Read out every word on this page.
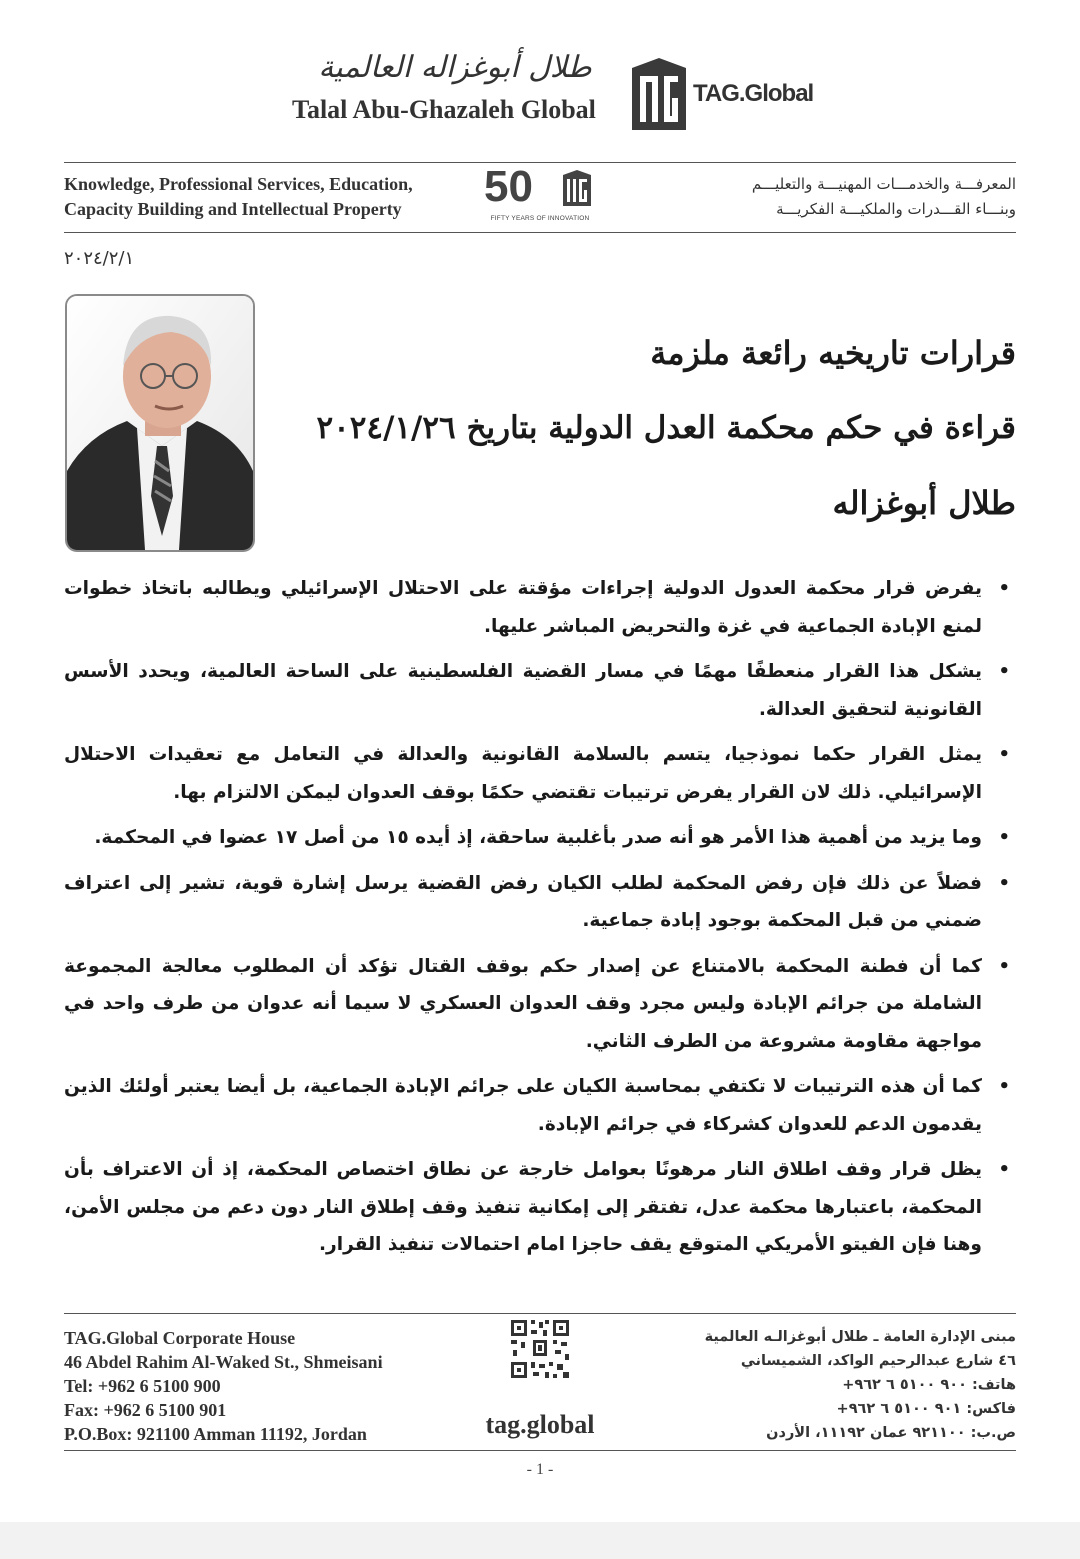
طلال أبوغزاله العالمية
Talal Abu-Ghazaleh Global
TAG.Global
Knowledge, Professional Services, Education,
Capacity Building and Intellectual Property	50
FIFTY YEARS OF INNOVATION
المعرفـــة والخدمـــات المهنيـــة والتعليـــم
وبنـــاء القـــدرات والملكيـــة الفكريـــة
٢٠٢٤/٢/١
قرارات تاريخيه رائعة ملزمة
قراءة في حكم محكمة العدل الدولية بتاريخ ٢٠٢٤/١/٢٦
طلال أبوغزاله
•
يفرض قرار محكمة العدول الدولية إجراءات مؤقتة على الاحتلال الإسرائيلي ويطالبه باتخاذ خطوات لمنع الإبادة الجماعية في غزة والتحريض المباشر عليها.
•
يشكل هذا القرار منعطفًا مهمًا في مسار القضية الفلسطينية على الساحة العالمية، ويحدد الأسس القانونية لتحقيق العدالة.
•
يمثل القرار حكما نموذجيا، يتسم بالسلامة القانونية والعدالة في التعامل مع تعقيدات الاحتلال الإسرائيلي. ذلك لان القرار يفرض ترتيبات تقتضي حكمًا بوقف العدوان ليمكن الالتزام بها.
•
وما يزيد من أهمية هذا الأمر هو أنه صدر بأغلبية ساحقة، إذ أيده ١٥ من أصل ١٧ عضوا في المحكمة.
•
فضلاً عن ذلك فإن رفض المحكمة لطلب الكيان رفض القضية يرسل إشارة قوية، تشير إلى اعتراف ضمني من قبل المحكمة بوجود إبادة جماعية.
•
كما أن فطنة المحكمة بالامتناع عن إصدار حكم بوقف القتال تؤكد أن المطلوب معالجة المجموعة الشاملة من جرائم الإبادة وليس مجرد وقف العدوان العسكري لا سيما أنه عدوان من طرف واحد في مواجهة مقاومة مشروعة من الطرف الثاني.
•
كما أن هذه الترتيبات لا تكتفي بمحاسبة الكيان على جرائم الإبادة الجماعية، بل أيضا يعتبر أولئك الذين يقدمون الدعم للعدوان كشركاء في جرائم الإبادة.
•
يظل قرار وقف اطلاق النار مرهونًا بعوامل خارجة عن نطاق اختصاص المحكمة، إذ أن الاعتراف بأن المحكمة، باعتبارها محكمة عدل، تفتقر إلى إمكانية تنفيذ وقف إطلاق النار دون دعم من مجلس الأمن، وهنا فإن الفيتو الأمريكي المتوقع يقف حاجزا امام احتمالات تنفيذ القرار.
TAG.Global Corporate House
46 Abdel Rahim Al-Waked St., Shmeisani
Tel: +962 6 5100 900
Fax: +962 6 5100 901
P.O.Box: 921100 Amman 11192, Jordan	tag.global
مبنى الإدارة العامة ـ طلال أبوغزالـه العالمية
٤٦ شارع عبدالرحيم الواكد، الشميساني
هاتف: ٩٠٠ ٥١٠٠ ٦ ٩٦٢+
فاكس: ٩٠١ ٥١٠٠ ٦ ٩٦٢+
ص.ب: ٩٢١١٠٠ عمان ١١١٩٢، الأردن
- 1 -
